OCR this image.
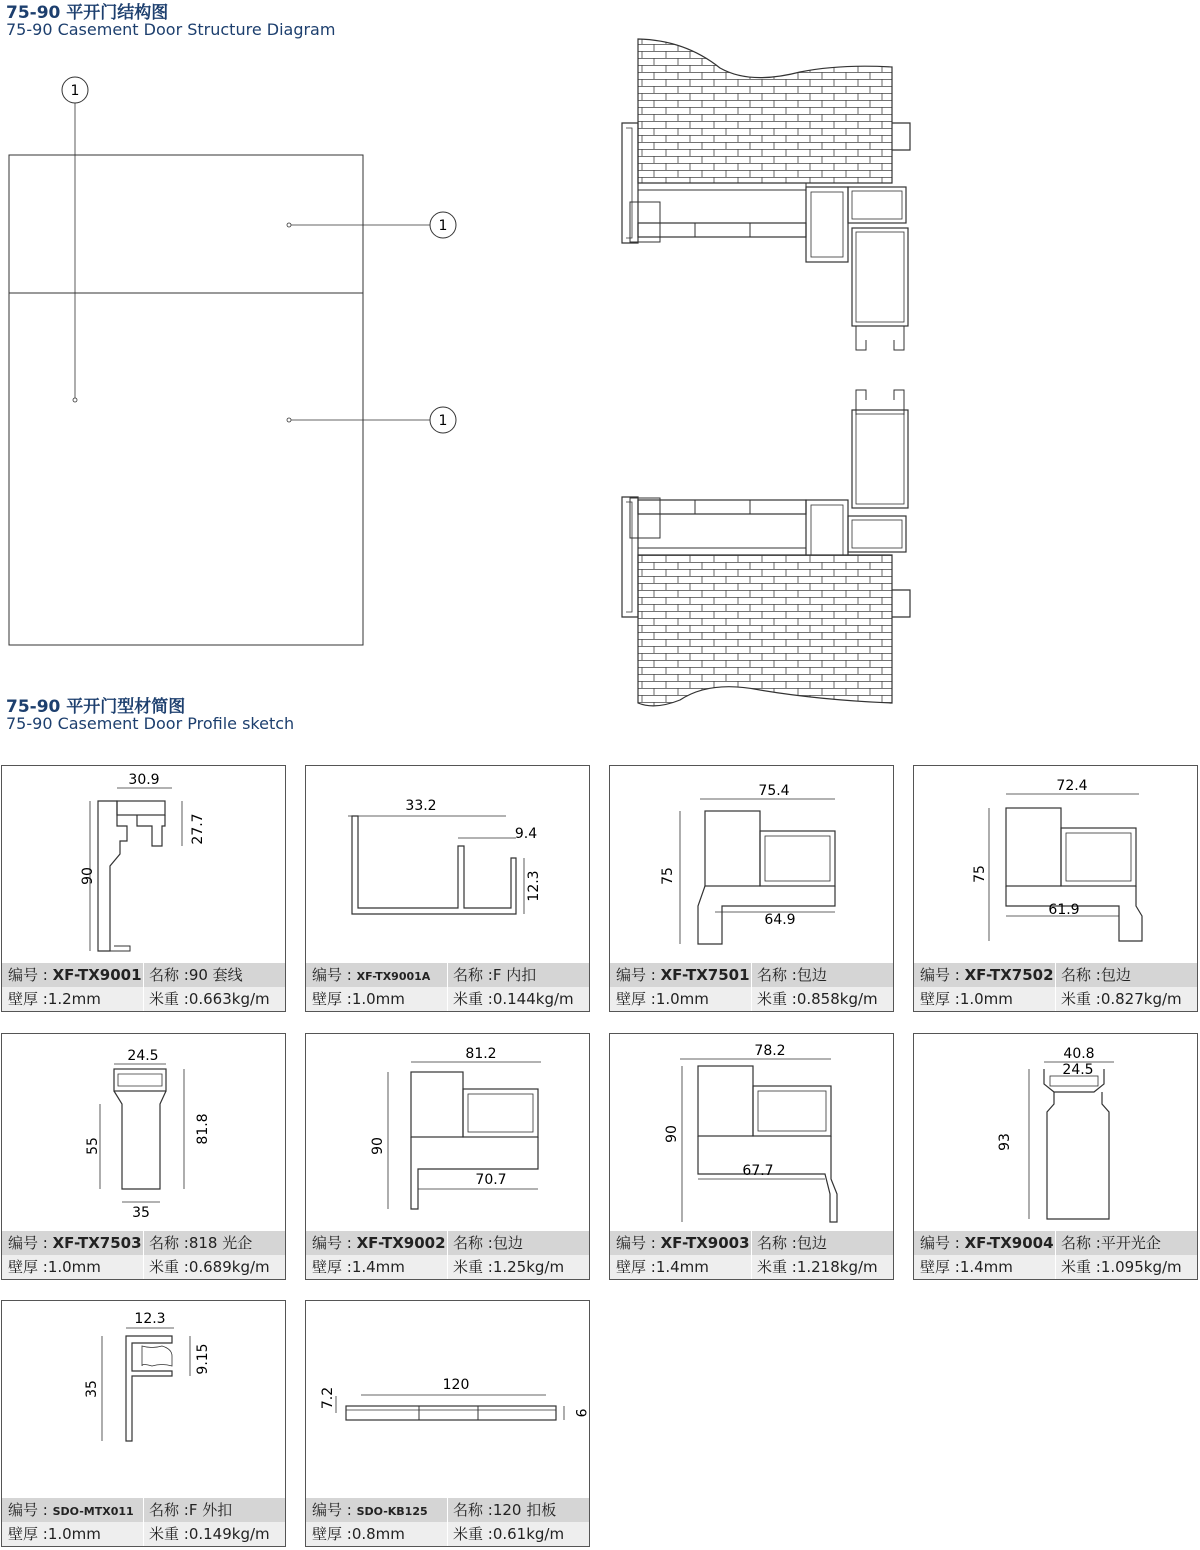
75-90 平开门结构图
75-90 Casement Door Structure Diagram
1
1
1
75-90 平开门型材简图
75-90 Casement Door Profile sketch
30.9
27.7
90
编号 : XF-TX9001 名称 :90 套线
壁厚 :1.2mm	米重 :0.663kg/m
33.2
9.4
12.3
编号 : XF-TX9001A	名称 :F 内扣
壁厚 :1.0mm	米重 :0.144kg/m
75.4
75
64.9
编号 : XF-TX7501 名称 :包边
壁厚 :1.0mm	米重 :0.858kg/m
72.4
75
61.9
编号 : XF-TX7502 名称 :包边
壁厚 :1.0mm	米重 :0.827kg/m
24.5
55
81.8
35
编号 : XF-TX7503 名称 :818 光企
壁厚 :1.0mm	米重 :0.689kg/m
81.2
90
70.7
编号 : XF-TX9002 名称 :包边
壁厚 :1.4mm	米重 :1.25kg/m
78.2
90
67.7
编号 : XF-TX9003 名称 :包边
壁厚 :1.4mm	米重 :1.218kg/m
40.8
24.5
93
编号 : XF-TX9004 名称 :平开光企
壁厚 :1.4mm	米重 :1.095kg/m
12.3
9.15
35
编号 : SDO-MTX011	名称 :F 外扣
壁厚 :1.0mm	米重 :0.149kg/m
120
7.2
9
编号 : SDO-KB125	名称 :120 扣板
壁厚 :0.8mm	米重 :0.61kg/m
